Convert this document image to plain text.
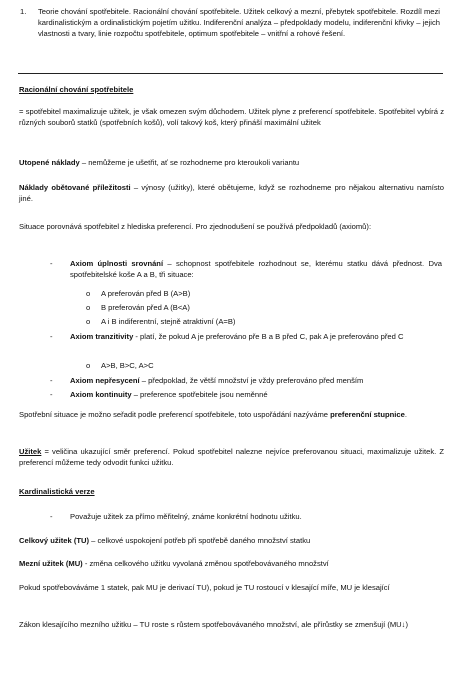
1. Teorie chování spotřebitele. Racionální chování spotřebitele. Užitek celkový a mezní, přebytek spotřebitele. Rozdíl mezi kardinalistickým a ordinalistickým pojetím užitku. Indiferenční analýza – předpoklady modelu, indiferenční křivky – jejich vlastnosti a tvary, linie rozpočtu spotřebitele, optimum spotřebitele – vnitřní a rohové řešení.
Racionální chování spotřebitele
= spotřebitel maximalizuje užitek, je však omezen svým důchodem. Užitek plyne z preferencí spotřebitele. Spotřebitel vybírá z různých souborů statků (spotřebních košů), volí takový koš, který přináší maximální užitek
Utopené náklady – nemůžeme je ušetřit, ať se rozhodneme pro kteroukoli variantu
Náklady obětované příležitosti – výnosy (užitky), které obětujeme, když se rozhodneme pro nějakou alternativu namísto jiné.
Situace porovnává spotřebitel z hlediska preferencí. Pro zjednodušení se používá předpokladů (axiomů):
- Axiom úplnosti srovnání – schopnost spotřebitele rozhodnout se, kterému statku dává přednost. Dva spotřebitelské koše A a B, tři situace:
o A preferován před B (A>B)
o B preferován před A (B<A)
o A i B indiferentní, stejně atraktivní (A=B)
- Axiom tranzitivity - platí, že pokud A je preferováno pře B a B před C, pak A je preferováno před C
o A>B, B>C, A>C
- Axiom nepřesycení – předpoklad, že větší množství je vždy preferováno před menším
- Axiom kontinuity – preference spotřebitele jsou neměnné
Spotřební situace je možno seřadit podle preferencí spotřebitele, toto uspořádání nazýváme preferenční stupnice.
Užitek = veličina ukazující směr preferencí. Pokud spotřebitel nalezne nejvíce preferovanou situaci, maximalizuje užitek. Z preferencí můžeme tedy odvodit funkci užitku.
Kardinalistická verze
- Považuje užitek za přímo měřitelný, známe konkrétní hodnotu užitku.
Celkový užitek (TU) – celkové uspokojení potřeb při spotřebě daného množství statku
Mezní užitek (MU) - změna celkového užitku vyvolaná změnou spotřebovávaného množství
Pokud spotřebováváme 1 statek, pak MU je derivací TU), pokud je TU rostoucí v klesající míře, MU je klesající
Zákon klesajícího mezního užitku – TU roste s růstem spotřebovávaného množství, ale přírůstky se zmenšují (MU↓)
